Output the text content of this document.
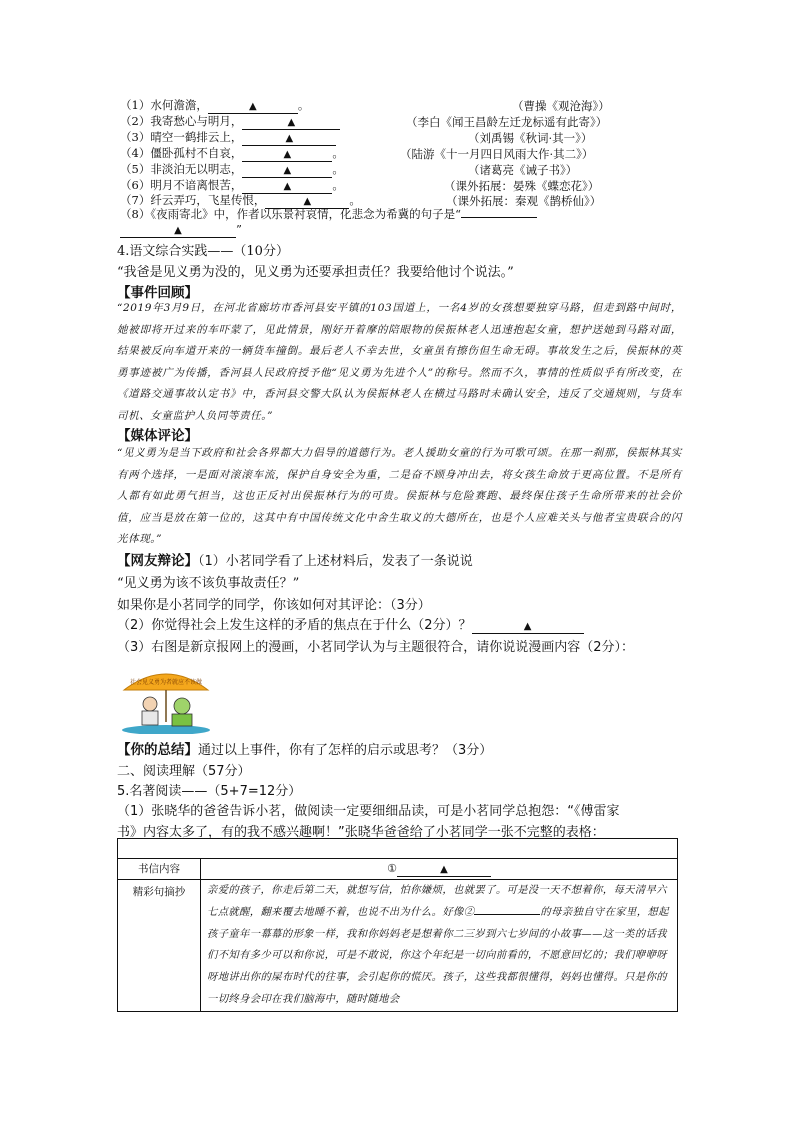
（1）水何澹澹，	▲	。	（曹操《观沧海》）
（2）我寄愁心与明月，	▲	（李白《闻王昌龄左迁龙标遥有此寄》）
（3）晴空一鹤排云上，	▲	（刘禹锡《秋词·其一》）
（4）僵卧孤村不自哀，	▲	。	（陆游《十一月四日风雨大作·其二》）
（5）非淡泊无以明志，	▲	。	（诸葛亮《诫子书》）
（6）明月不谙离恨苦，	▲	。	（课外拓展：晏殊《蝶恋花》）
（7）纤云弄巧，飞星传恨，	▲	。	（课外拓展：秦观《鹊桥仙》）
（8）《夜雨寄北》中，作者以乐景衬哀情，化悲念为希冀的句子是“
▲	”
4.语文综合实践——（10分）
“我爸是见义勇为没的，见义勇为还要承担责任？我要给他讨个说法。”
【事件回顾】
“2019年3月9日，在河北省廊坊市香河县安平镇的103国道上，一名4岁的女孩想要独穿马路，但走到路中间时，她被即将开过来的车吓蒙了，见此情景，刚好开着摩的陪眼物的侯振林老人迅速抱起女童，想护送她到马路对面，结果被反向车道开来的一辆货车撞倒。最后老人不幸去世，女童虽有擦伤但生命无碍。事故发生之后，侯振林的英勇事迹被广为传播，香河县人民政府授予他“见义勇为先进个人”的称号。然而不久，事情的性质似乎有所改变，在《道路交通事故认定书》中，香河县交警大队认为侯振林老人在横过马路时未确认安全，违反了交通规则，与货车司机、女童监护人负同等责任。”
【媒体评论】
“见义勇为是当下政府和社会各界都大力倡导的道德行为。老人援助女童的行为可歌可颂。在那一刹那，侯振林其实有两个选择，一是面对滚滚车流，保护自身安全为重，二是奋不顾身冲出去，将女孩生命放于更高位置。不是所有人都有如此勇气担当，这也正反衬出侯振林行为的可贵。侯振林与危险赛跑、最终保住孩子生命所带来的社会价值，应当是放在第一位的，这其中有中国传统文化中舍生取义的大德所在，也是个人应难关头与他者宝贵联合的闪光体现。”
【网友辩论】（1）小茗同学看了上述材料后，发表了一条说说
“见义勇为该不该负事故责任？”
如果你是小茗同学的同学，你该如何对其评论：（3分）
（2）你觉得社会上发生这样的矛盾的焦点在于什么（2分）？	▲
（3）右图是新京报网上的漫画，小茗同学认为与主题很符合，请你说说漫画内容（2分）：
社会见义勇为者就应不该做
【你的总结】通过以上事件，你有了怎样的启示或思考？（3分）
二、阅读理解（57分）
5.名著阅读——（5+7=12分）
（1）张晓华的爸爸告诉小茗，做阅读一定要细细品读，可是小茗同学总抱怨：“《傅雷家
书》内容太多了，有的我不感兴趣啊！”张晓华爸爸给了小茗同学一张不完整的表格：

书信内容	① ▲
精彩句摘抄	亲爱的孩子，你走后第二天，就想写信，怕你嫌烦，也就罢了。可是没一天不想着你，每天清早六七点就醒，翻来覆去地睡不着，也说不出为什么。好像② 的母亲独自守在家里，想起孩子童年一幕幕的形象一样，我和你妈妈老是想着你二三岁到六七岁间的小故事——这一类的话我们不知有多少可以和你说，可是不敢说，你这个年纪是一切向前看的，不愿意回忆的；我们咿咿呀呀地讲出你的屎布时代的往事，会引起你的慌厌。孩子，这些我都很懂得，妈妈也懂得。只是你的一切终身会印在我们脑海中，随时随地会
